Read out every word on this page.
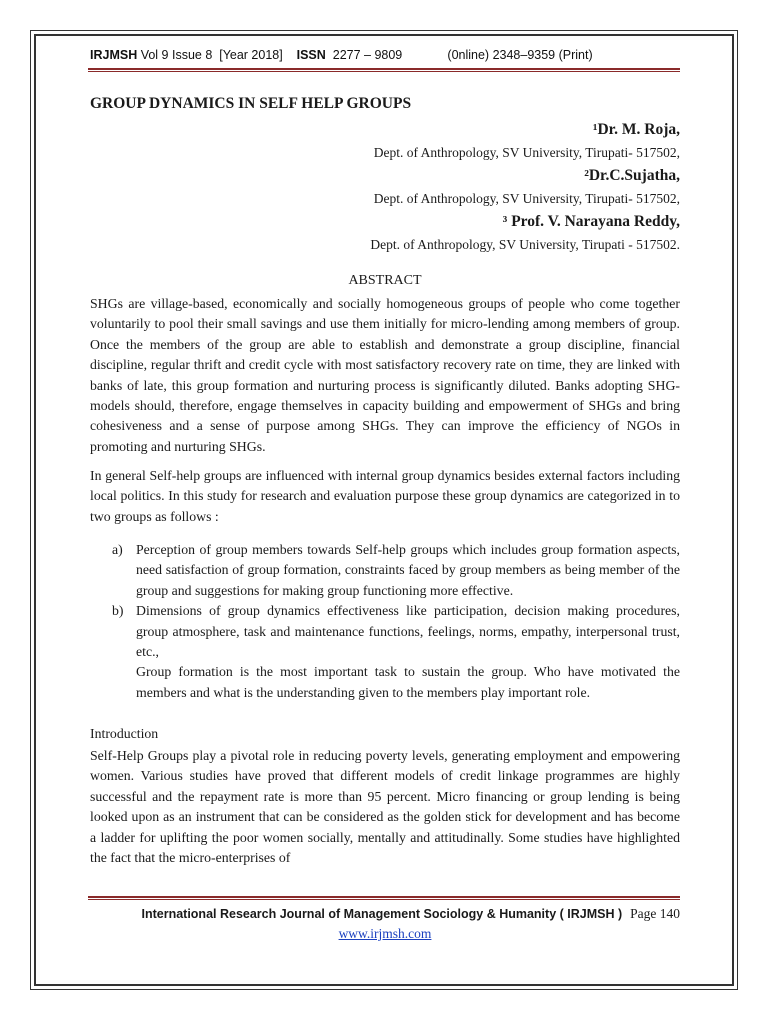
IRJMSH Vol 9 Issue 8  [Year 2018]    ISSN  2277 – 9809             (0nline) 2348–9359 (Print)
GROUP DYNAMICS IN SELF HELP GROUPS
¹Dr. M. Roja,
Dept. of Anthropology, SV University, Tirupati- 517502,
²Dr.C.Sujatha,
Dept. of Anthropology, SV University, Tirupati- 517502,
³ Prof. V. Narayana Reddy,
Dept. of Anthropology, SV University, Tirupati - 517502.
ABSTRACT

SHGs are village-based, economically and socially homogeneous groups of people who come together voluntarily to pool their small savings and use them initially for micro-lending among members of group. Once the members of the group are able to establish and demonstrate a group discipline, financial discipline, regular thrift and credit cycle with most satisfactory recovery rate on time, they are linked with banks of late, this group formation and nurturing process is significantly diluted. Banks adopting SHG-models should, therefore, engage themselves in capacity building and empowerment of SHGs and bring cohesiveness and a sense of purpose among SHGs. They can improve the efficiency of NGOs in promoting and nurturing SHGs.

In general Self-help groups are influenced with internal group dynamics besides external factors including local politics. In this study for research and evaluation purpose these group dynamics are categorized in to two groups as follows :

a) Perception of group members towards Self-help groups which includes group formation aspects, need satisfaction of group formation, constraints faced by group members as being member of the group and suggestions for making group functioning more effective.
b) Dimensions of group dynamics effectiveness like participation, decision making procedures, group atmosphere, task and maintenance functions, feelings, norms, empathy, interpersonal trust, etc.,
Group formation is the most important task to sustain the group. Who have motivated the members and what is the understanding given to the members play important role.
Introduction

Self-Help Groups play a pivotal role in reducing poverty levels, generating employment and empowering women. Various studies have proved that different models of credit linkage programmes are highly successful and the repayment rate is more than 95 percent. Micro financing or group lending is being looked upon as an instrument that can be considered as the golden stick for development and has become a ladder for uplifting the poor women socially, mentally and attitudinally. Some studies have highlighted the fact that the micro-enterprises of

International Research Journal of Management Sociology & Humanity ( IRJMSH ) Page 140
www.irjmsh.com
